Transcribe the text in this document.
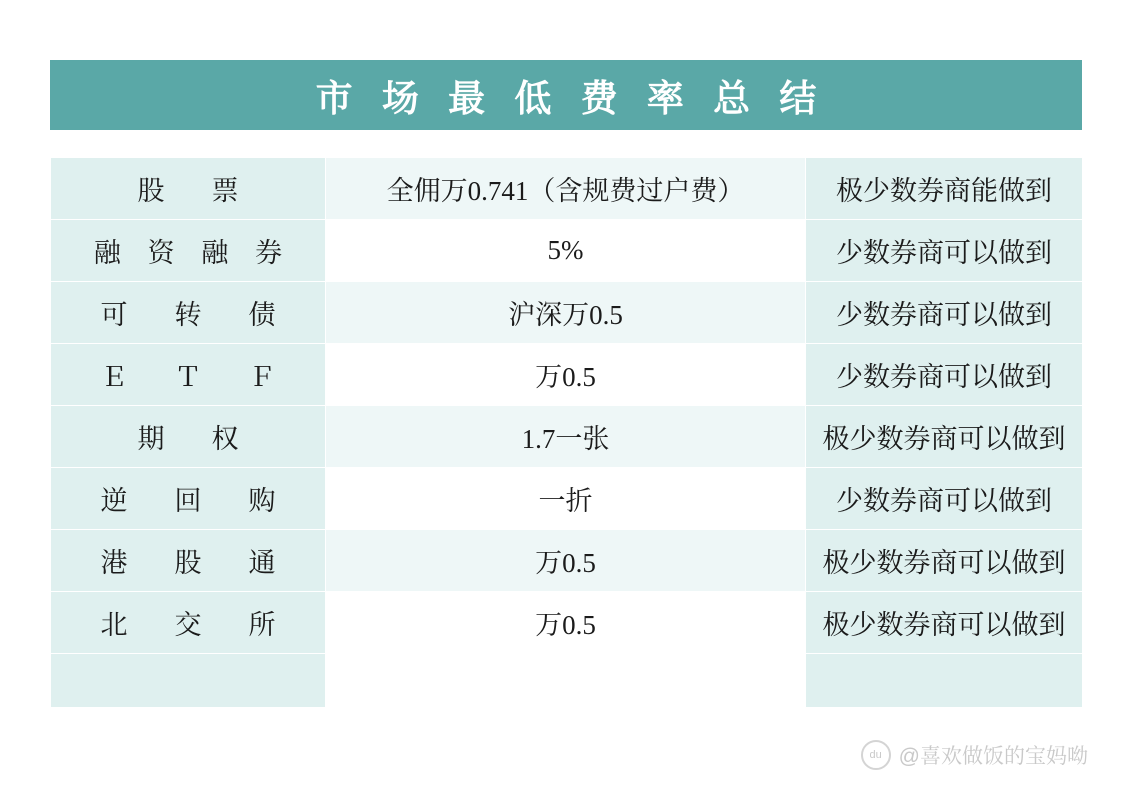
市 场 最 低 费 率 总 结
股　票	全佣万0.741（含规费过户费）	极少数券商能做到
融 资 融 券	5%	少数券商可以做到
可　转　债	沪深万0.5	少数券商可以做到
Ｅ　Ｔ　Ｆ	万0.5	少数券商可以做到
期　权	1.7一张	极少数券商可以做到
逆　回　购	一折	少数券商可以做到
港　股　通	万0.5	极少数券商可以做到
北　交　所	万0.5	极少数券商可以做到

du @喜欢做饭的宝妈呦
